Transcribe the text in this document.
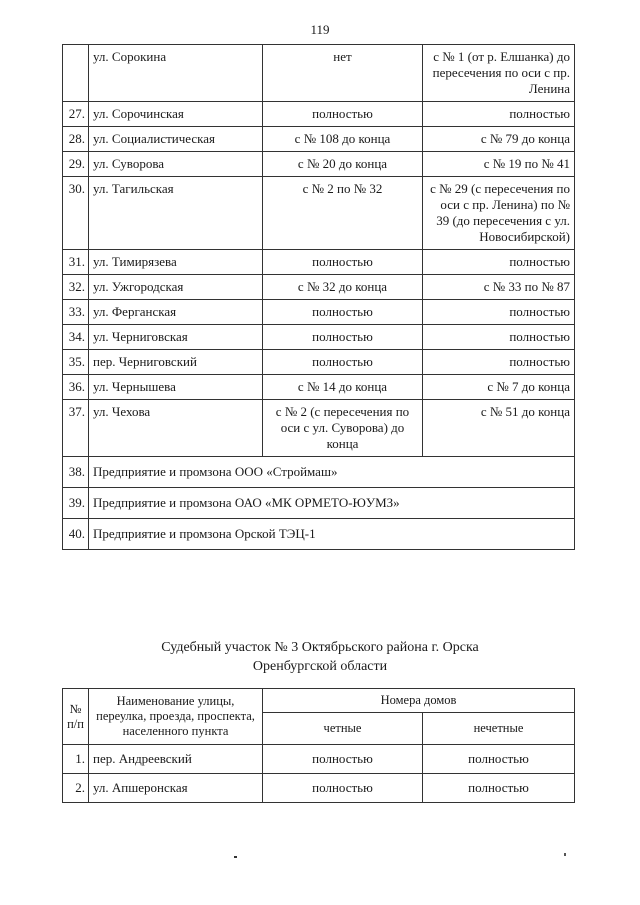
119
	ул. Сорокина	нет	с № 1 (от р. Елшанка) до пересечения по оси с пр. Ленина
27.	ул. Сорочинская	полностью	полностью
28.	ул. Социалистическая	с № 108 до конца	с № 79 до конца
29.	ул. Суворова	с № 20 до конца	с № 19 по № 41
30.	ул. Тагильская	с № 2 по № 32	с № 29 (с пересечения по оси с пр. Ленина) по № 39 (до пересечения с ул. Новосибирской)
31.	ул. Тимирязева	полностью	полностью
32.	ул. Ужгородская	с № 32 до конца	с № 33 по № 87
33.	ул. Ферганская	полностью	полностью
34.	ул. Черниговская	полностью	полностью
35.	пер. Черниговский	полностью	полностью
36.	ул. Чернышева	с № 14 до конца	с № 7 до конца
37.	ул. Чехова	с № 2 (с пересечения по оси с ул. Суворова) до конца	с № 51 до конца
38.	Предприятие и промзона ООО «Строймаш»		
39.	Предприятие и промзона ОАО «МК ОРМЕТО-ЮУМЗ»		
40.	Предприятие и промзона Орской ТЭЦ-1		
Судебный участок № 3 Октябрьского района г. Орска
Оренбургской области
№ п/п	Наименование улицы, переулка, проезда, проспекта, населенного пункта	Номера домов	
		четные	нечетные
1.	пер. Андреевский	полностью	полностью
2.	ул. Апшеронская	полностью	полностью
